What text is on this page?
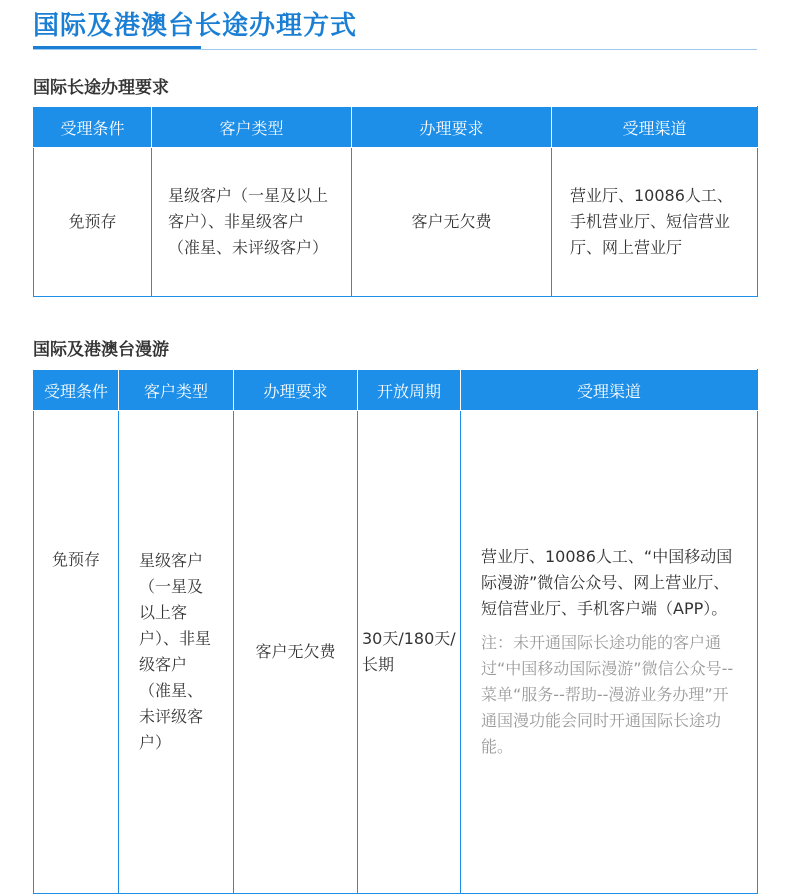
国际及港澳台长途办理方式
国际长途办理要求
受理条件	客户类型	办理要求	受理渠道
免预存	星级客户（一星及以上客户）、非星级客户（准星、未评级客户）	客户无欠费	营业厅、10086人工、手机营业厅、短信营业厅、网上营业厅
国际及港澳台漫游
受理条件	客户类型	办理要求	开放周期	受理渠道
免预存	星级客户（一星及以上客户）、非星级客户（准星、未评级客户）	客户无欠费	30天/180天/长期	营业厅、10086人工、“中国移动国际漫游”微信公众号、网上营业厅、短信营业厅、手机客户端（APP）。
注：未开通国际长途功能的客户通过“中国移动国际漫游”微信公众号--菜单“服务--帮助--漫游业务办理”开通国漫功能会同时开通国际长途功能。
